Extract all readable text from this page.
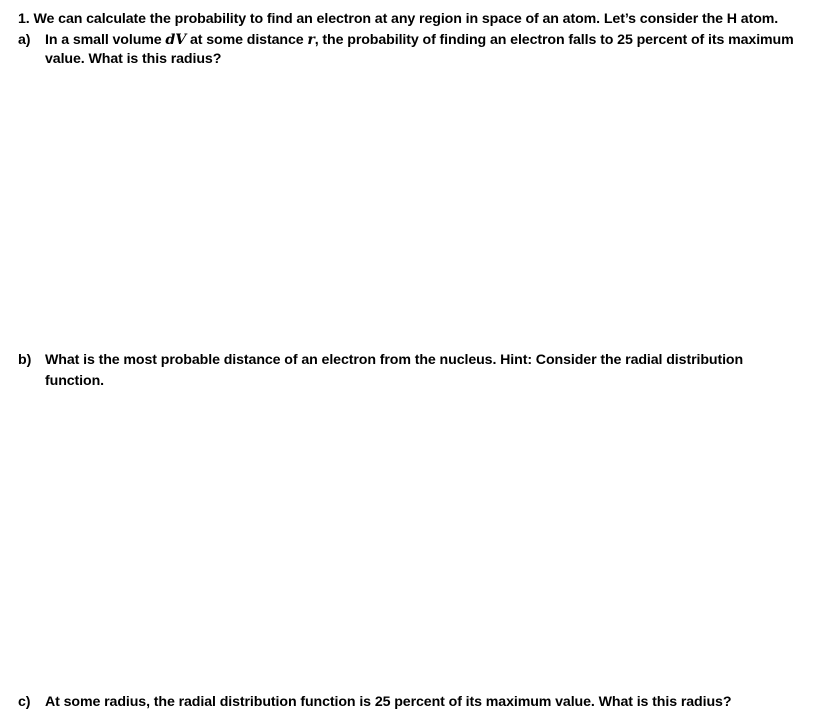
1. We can calculate the probability to find an electron at any region in space of an atom. Let’s consider the H atom.
a) In a small volume dV at some distance r, the probability of finding an electron falls to 25 percent of its maximum
value. What is this radius?
b) What is the most probable distance of an electron from the nucleus. Hint: Consider the radial distribution
function.
c) At some radius, the radial distribution function is 25 percent of its maximum value. What is this radius?
